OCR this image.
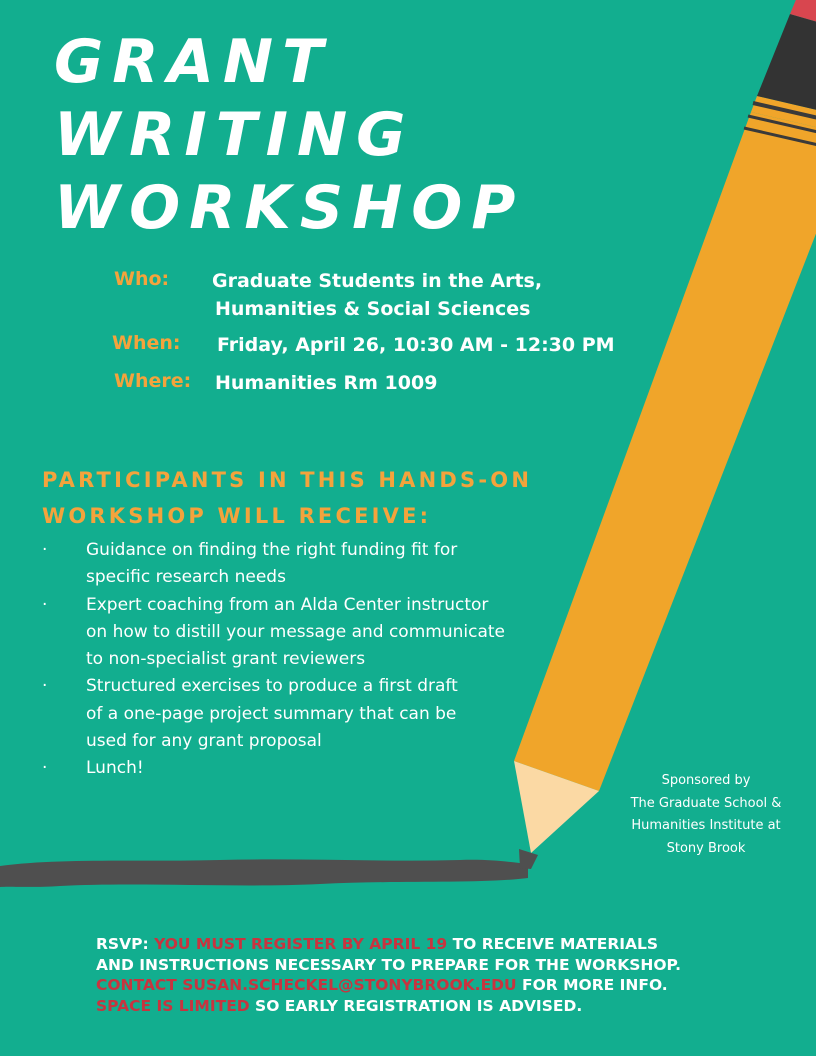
GRANT
WRITING
WORKSHOP
Who: Graduate Students in the Arts,
Humanities & Social Sciences
When: Friday, April 26, 10:30 AM - 12:30 PM
Where: Humanities Rm 1009
PARTICIPANTS IN THIS HANDS-ON
WORKSHOP WILL RECEIVE:
· Guidance on finding the right funding fit for
specific research needs
· Expert coaching from an Alda Center instructor
on how to distill your message and communicate
to non-specialist grant reviewers
· Structured exercises to produce a first draft
of a one-page project summary that can be
used for any grant proposal
· Lunch!
Sponsored by
The Graduate School &
Humanities Institute at
Stony Brook
RSVP: YOU MUST REGISTER BY APRIL 19 TO RECEIVE MATERIALS
AND INSTRUCTIONS NECESSARY TO PREPARE FOR THE WORKSHOP.
CONTACT SUSAN.SCHECKEL@STONYBROOK.EDU FOR MORE INFO.
SPACE IS LIMITED SO EARLY REGISTRATION IS ADVISED.
